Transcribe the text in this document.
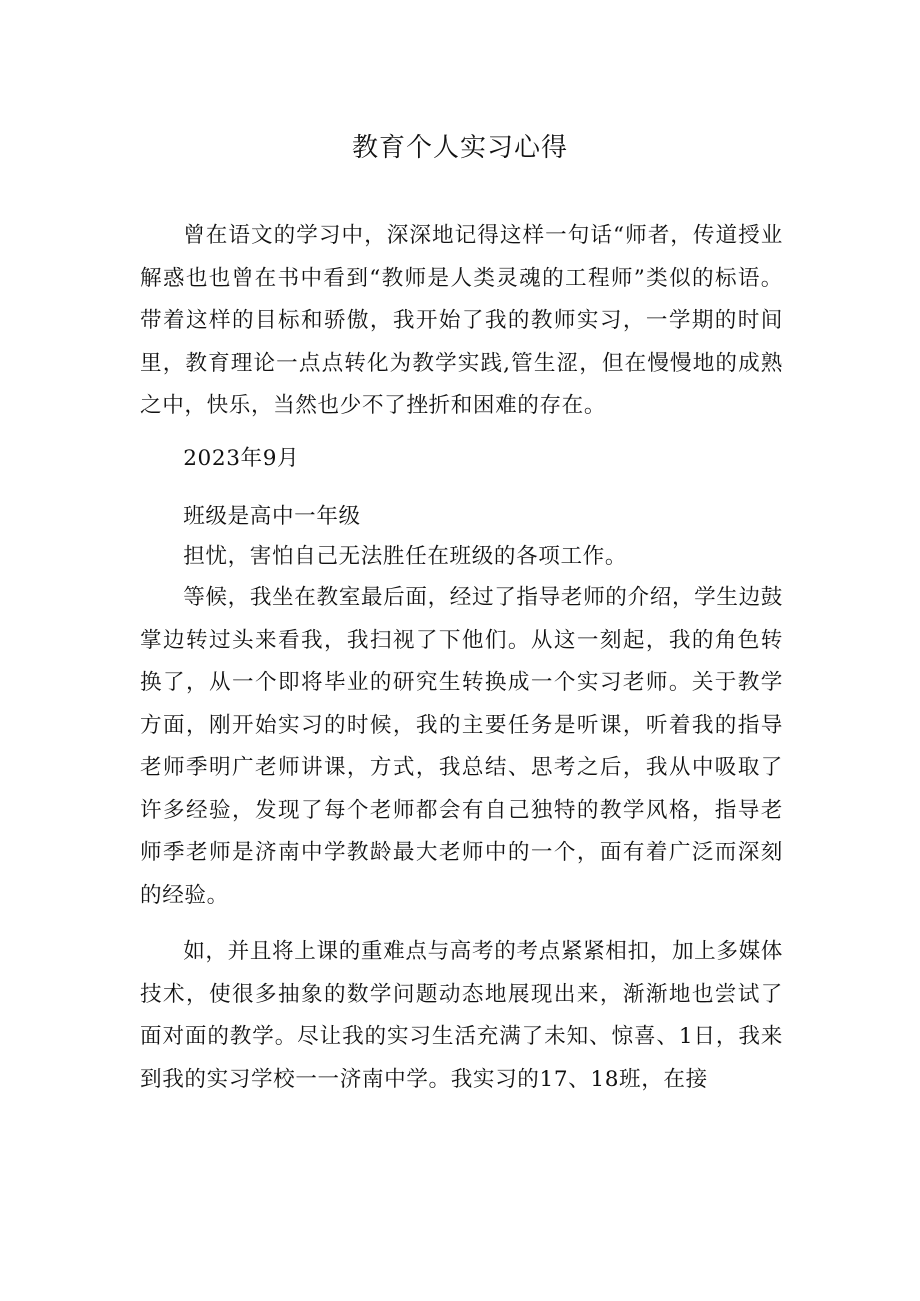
教育个人实习心得

曾在语文的学习中，深深地记得这样一句话“师者，传道授业解惑也也曾在书中看到“教师是人类灵魂的工程师”类似的标语。带着这样的目标和骄傲，我开始了我的教师实习，一学期的时间里，教育理论一点点转化为教学实践,管生涩，但在慢慢地的成熟之中，快乐，当然也少不了挫折和困难的存在。

2023年9月

班级是高中一年级

担忧，害怕自己无法胜任在班级的各项工作。

等候，我坐在教室最后面，经过了指导老师的介绍，学生边鼓掌边转过头来看我，我扫视了下他们。从这一刻起，我的角色转换了，从一个即将毕业的研究生转换成一个实习老师。关于教学方面，刚开始实习的时候，我的主要任务是听课，听着我的指导老师季明广老师讲课，方式，我总结、思考之后，我从中吸取了许多经验，发现了每个老师都会有自己独特的教学风格，指导老师季老师是济南中学教龄最大老师中的一个，面有着广泛而深刻的经验。

如，并且将上课的重难点与高考的考点紧紧相扣，加上多媒体技术，使很多抽象的数学问题动态地展现出来，渐渐地也尝试了面对面的教学。尽让我的实习生活充满了未知、惊喜、1日，我来到我的实习学校一一济南中学。我实习的17、18班，在接
